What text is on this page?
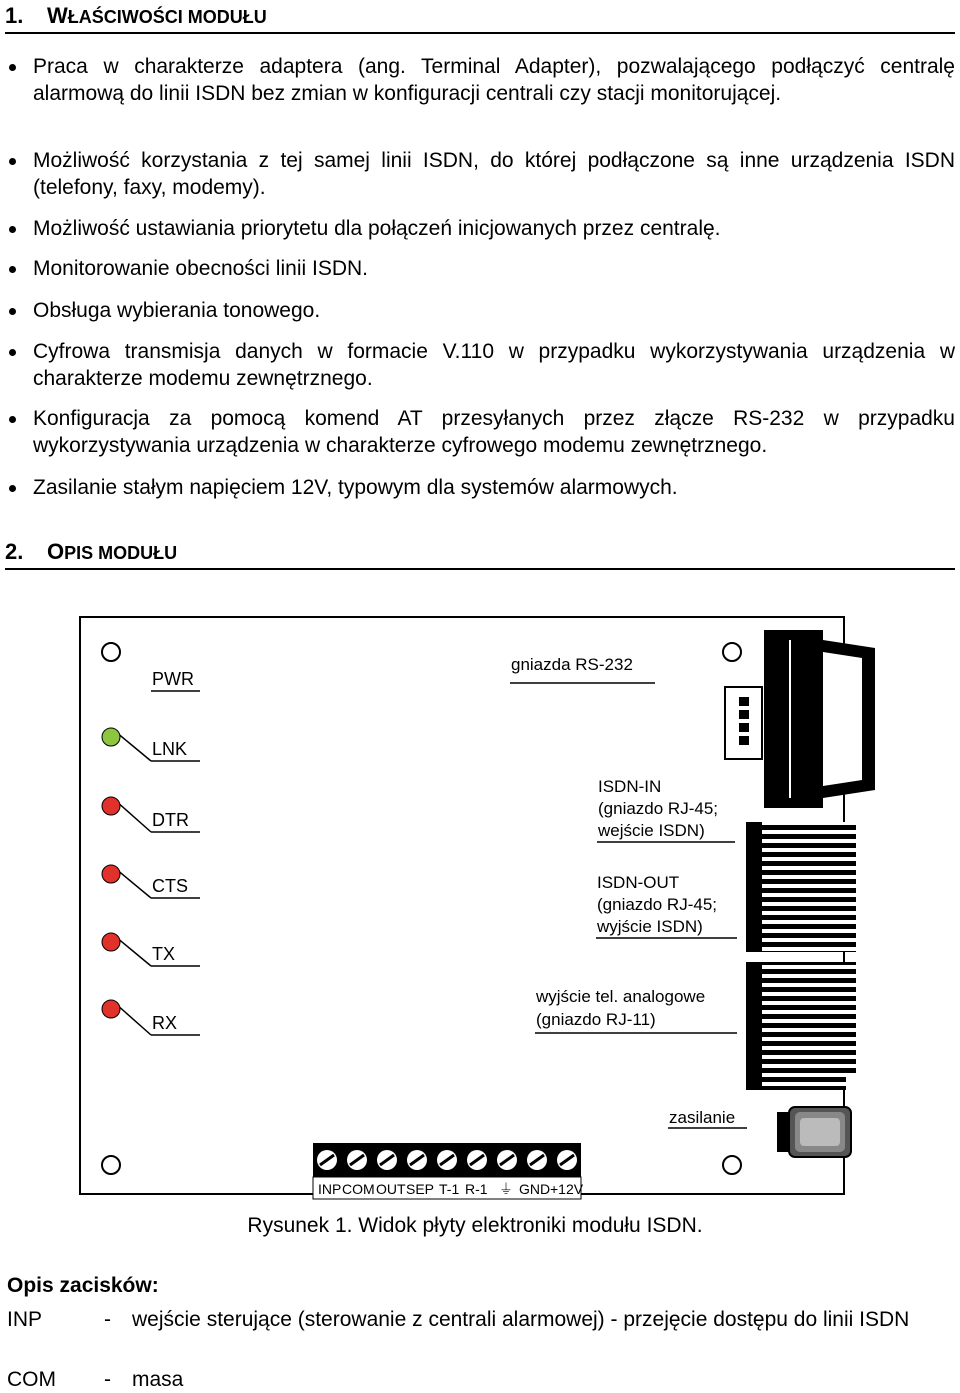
1. WŁAŚCIWOŚCI MODUŁU
Praca w charakterze adaptera (ang. Terminal Adapter), pozwalającego podłączyć centralę alarmową do linii ISDN bez zmian w konfiguracji centrali czy stacji monitorującej.
Możliwość korzystania z tej samej linii ISDN, do której podłączone są inne urządzenia ISDN (telefony, faxy, modemy).
Możliwość ustawiania priorytetu dla połączeń inicjowanych przez centralę.
Monitorowanie obecności linii ISDN.
Obsługa wybierania tonowego.
Cyfrowa transmisja danych w formacie V.110 w przypadku wykorzystywania urządzenia w charakterze modemu zewnętrznego.
Konfiguracja za pomocą komend AT przesyłanych przez złącze RS-232 w przypadku wykorzystywania urządzenia w charakterze cyfrowego modemu zewnętrznego.
Zasilanie stałym napięciem 12V, typowym dla systemów alarmowych.
2. OPIS MODUŁU
PWR
LNK
DTR
CTS
TX
RX
gniazda RS-232
ISDN-IN
(gniazdo RJ-45;
wejście ISDN)
ISDN-OUT
(gniazdo RJ-45;
wyjście ISDN)
wyjście tel. analogowe
(gniazdo RJ-11)
zasilanie
INP COM OUT SEP T-1 R-1 ⏚ GND +12V
Rysunek 1. Widok płyty elektroniki modułu ISDN.
Opis zacisków:
INP	- wejście sterujące (sterowanie z centrali alarmowej) - przejęcie dostępu do linii ISDN
COM - masa
